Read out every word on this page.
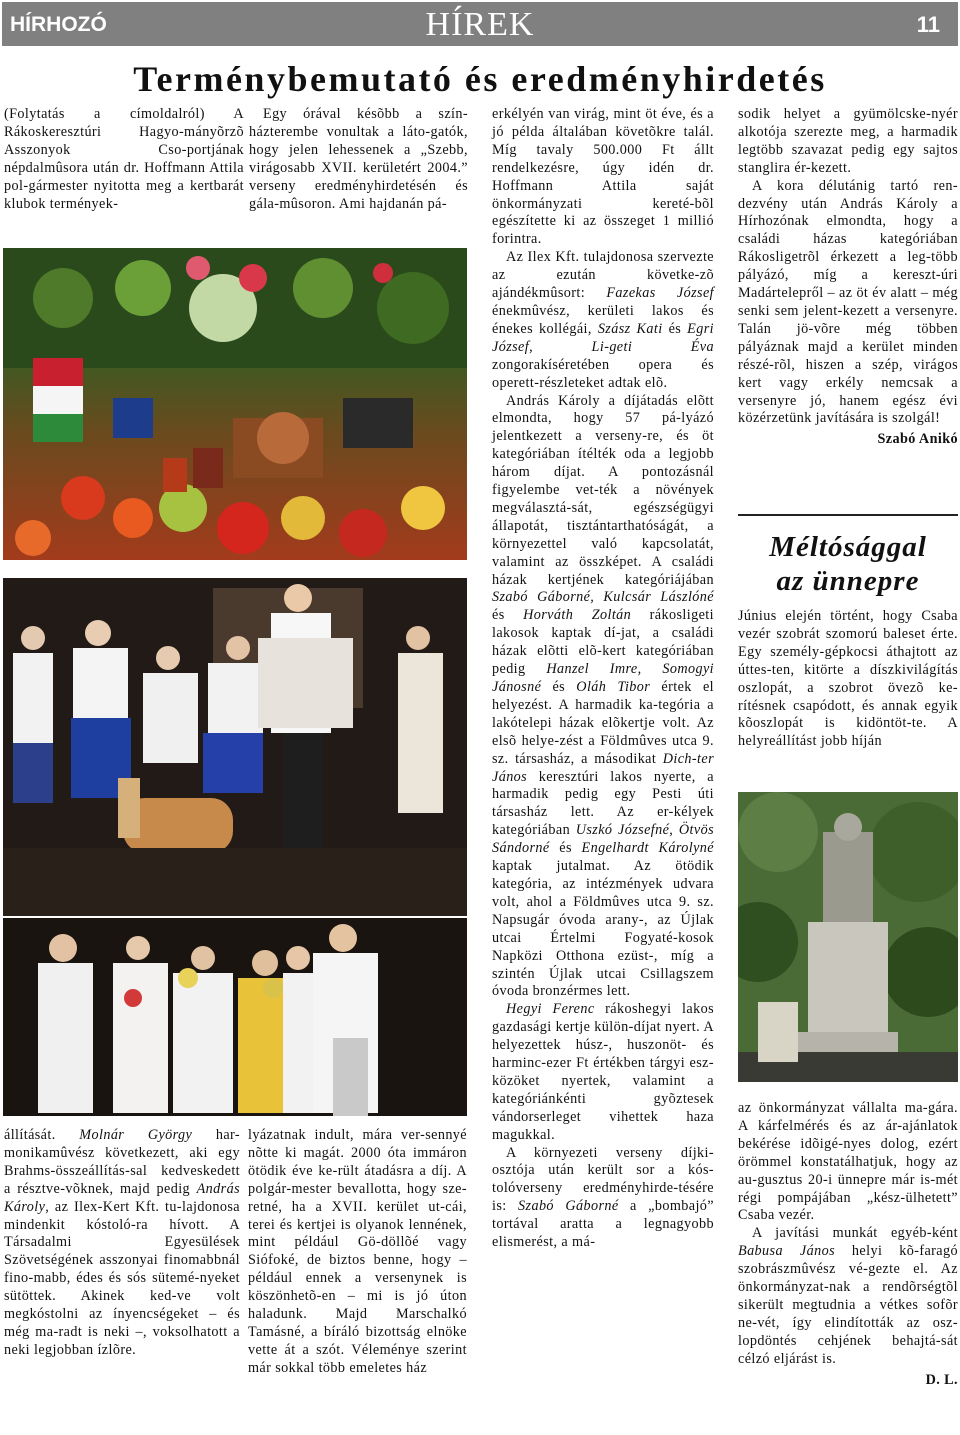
HÍRHOZÓ	HÍREK	11
Terménybemutató és eredményhirdetés

(Folytatás a címoldalról) A Rákoskeresztúri Hagyo-mányõrzõ Asszonyok Cso-portjának népdalmûsora után dr. Hoffmann Attila pol-gármester nyitotta meg a kertbarát klubok termények-

Egy órával késõbb a szín-házterembe vonultak a láto-gatók, hogy jelen lehessenek a „Szebb, virágosabb XVII. kerületért 2004.” verseny eredményhirdetésén és gála-mûsoron. Ami hajdanán pá-

állítását. Molnár György har-monikamûvész következett, aki egy Brahms-összeállítás-sal kedveskedett a résztve-võknek, majd pedig András Károly, az Ilex-Kert Kft. tu-lajdonosa mindenkit kóstoló-ra hívott. A Társadalmi Egyesülések Szövetségének asszonyai finomabbnál fino-mabb, édes és sós sütemé-nyeket sütöttek. Akinek ked-ve volt megkóstolni az ínyencségeket – és még ma-radt is neki –, voksolhatott a neki legjobban ízlõre.

lyázatnak indult, mára ver-sennyé nõtte ki magát. 2000 óta immáron ötödik éve ke-rült átadásra a díj. A polgár-mester bevallotta, hogy sze-retné, ha a XVII. kerület ut-cái, terei és kertjei is olyanok lennének, mint például Gö-döllõé vagy Siófoké, de biztos benne, hogy – például ennek a versenynek is köszönhetõ-en – mi is jó úton haladunk. Majd Marschalkó Tamásné, a bíráló bizottság elnöke vette át a szót. Véleménye szerint már sokkal több emeletes ház

erkélyén van virág, mint öt éve, és a jó példa általában követõkre talál. Míg tavaly 500.000 Ft állt rendelkezésre, úgy idén dr. Hoffmann Attila saját önkormányzati kereté-bõl egészítette ki az összeget 1 millió forintra.

Az Ilex Kft. tulajdonosa szervezte az ezután követke-zõ ajándékmûsort: Fazekas József énekmûvész, kerületi lakos és énekes kollégái, Szász Kati és Egri József, Li-geti Éva zongorakíséretében opera és operett-részleteket adtak elõ.

András Károly a díjátadás elõtt elmondta, hogy 57 pá-lyázó jelentkezett a verseny-re, és öt kategóriában ítélték oda a legjobb három díjat. A pontozásnál figyelembe vet-ték a növények megválasztá-sát, egészségügyi állapotát, tisztántarthatóságát, a környezettel való kapcsolatát, valamint az összképet. A családi házak kertjének kategóriájában Szabó Gáborné, Kulcsár Lászlóné és Horváth Zoltán rákosligeti lakosok kaptak dí-jat, a családi házak elõtti elõ-kert kategóriában pedig Hanzel Imre, Somogyi Jánosné és Oláh Tibor értek el helyezést. A harmadik ka-tegória a lakótelepi házak elõkertje volt. Az elsõ helye-zést a Földmûves utca 9. sz. társasház, a másodikat Dich-ter János keresztúri lakos nyerte, a harmadik pedig egy Pesti úti társasház lett. Az er-kélyek kategóriában Uszkó Józsefné, Ötvös Sándorné és Engelhardt Károlyné kaptak jutalmat. Az ötödik kategória, az intézmények udvara volt, ahol a Földmûves utca 9. sz. Napsugár óvoda arany-, az Újlak utcai Értelmi Fogyaté-kosok Napközi Otthona ezüst-, míg a szintén Újlak utcai Csillagszem óvoda bronzérmes lett.

Hegyi Ferenc rákoshegyi lakos gazdasági kertje külön-díjat nyert. A helyezettek húsz-, huszonöt- és harminc-ezer Ft értékben tárgyi esz-közöket nyertek, valamint a kategóriánkénti gyõztesek vándorserleget vihettek haza magukkal.

A környezeti verseny díjki-osztója után került sor a kós-tolóverseny eredményhirde-tésére is: Szabó Gáborné a „bombajó” tortával aratta a legnagyobb elismerést, a má-

sodik helyet a gyümölcske-nyér alkotója szerezte meg, a harmadik legtöbb szavazat pedig egy sajtos stanglira ér-kezett.

A kora délutánig tartó ren-dezvény után András Károly a Hírhozónak elmondta, hogy a családi házas kategóriában Rákosligetrõl érkezett a leg-több pályázó, míg a kereszt-úri Madártelepről – az öt év alatt – még senki sem jelent-kezett a versenyre. Talán jö-võre még többen pályáznak majd a kerület minden részé-rõl, hiszen a szép, virágos kert vagy erkély nemcsak a versenyre jó, hanem egész évi közérzetünk javítására is szolgál!

Szabó Anikó
Méltósággal
az ünnepre

Június elején történt, hogy Csaba vezér szobrát szomorú baleset érte. Egy személy-gépkocsi áthajtott az úttes-ten, kitörte a díszkivilágítás oszlopát, a szobrot övezõ ke-rítésnek csapódott, és annak egyik kõoszlopát is kidöntöt-te. A helyreállítást jobb híján

az önkormányzat vállalta ma-gára. A kárfelmérés és az ár-ajánlatok bekérése idõigé-nyes dolog, ezért örömmel konstatálhatjuk, hogy az au-gusztus 20-i ünnepre már is-mét régi pompájában „kész-ülhetett” Csaba vezér.

A javítási munkát egyéb-ként Babusa János helyi kõ-faragó szobrászmûvész vé-gezte el. Az önkormányzat-nak a rendõrségtõl sikerült megtudnia a vétkes sofõr ne-vét, így elindították az osz-lopdöntés cehjének behajtá-sát célzó eljárást is.

D. L.
